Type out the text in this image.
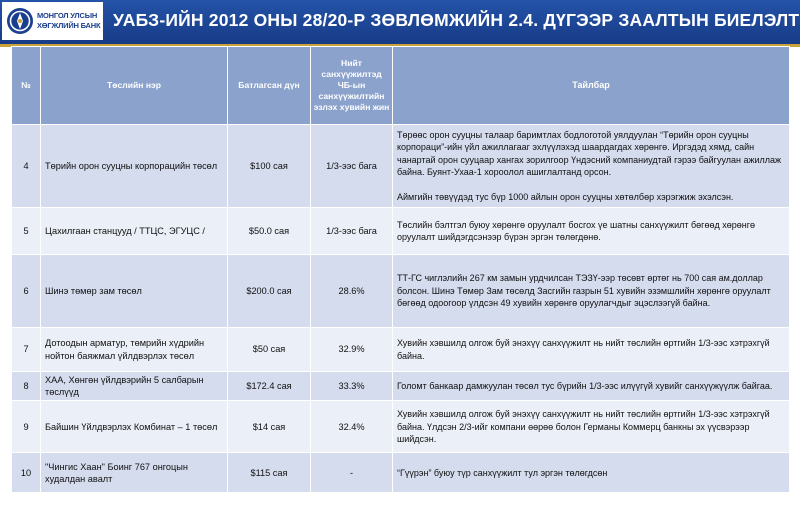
МОНГОЛ УЛСЫН
ХӨГЖЛИЙН БАНК УАБЗ-ИЙН 2012 ОНЫ 28/20-Р ЗӨВЛӨМЖИЙН 2.4. ДҮГЭЭР ЗААЛТЫН БИЕЛЭЛТ
№	Төслийн нэр	Батлагсан дүн	Нийт санхүүжилтэд ЧБ-ын санхүүжилтийн эзлэх хувийн жин	Тайлбар
4	Төрийн орон сууцны корпорацийн төсөл	$100 сая	1/3-ээс бага	Төрөөс орон сууцны талаар баримтлах бодлоготой уялдуулан “Төрийн орон сууцны корпораци”-ийн үйл ажиллагааг эхлүүлэхэд шаардагдах хөрөнгө. Иргэдэд хямд, сайн чанартай орон сууцаар хангах зорилгоор Үндэсний компаниудтай гэрээ байгуулан ажиллаж байна. Буянт-Ухаа-1 хороолол ашиглалтанд орсон.
Аймгийн төвүүдэд тус бүр 1000 айлын орон сууцны хөтөлбөр хэрэгжиж эхэлсэн.

5	Цахилгаан станцууд / ТТЦС, ЭГУЦС /	$50.0 сая	1/3-ээс бага	Төслийн бэлтгэл буюу хөрөнгө оруулалт босгох үе шатны санхүүжилт бөгөөд хөрөнгө оруулалт шийдэгдсэнээр бүрэн эргэн төлөгдөнө.
6	Шинэ төмөр зам төсөл	$200.0 сая	28.6%	ТТ-ГС чиглэлийн 267 км замын урдчилсан ТЭЗҮ-ээр төсөвт өртөг нь 700 сая ам.доллар болсон. Шинэ Төмөр Зам төсөлд Засгийн газрын 51 хувийн эзэмшлийн хөрөнгө оруулалт бөгөөд одоогоор үлдсэн 49 хувийн хөрөнгө оруулагчдыг эцэслээгүй байна.
7	Дотоодын арматур, төмрийн хүдрийн нойтон баяжмал үйлдвэрлэх төсөл	$50 сая	32.9%	Хувийн хэвшилд олгож буй энэхүү санхүүжилт нь нийт төслийн өртгийн 1/3-ээс хэтрэхгүй байна.
8	ХАА, Хөнгөн үйлдвэрийн 5 салбарын төслүүд	$172.4 сая	33.3%	Голомт банкаар дамжуулан төсөл тус бүрийн 1/3-ээс илүүгүй хувийг санхүүжүүлж байгаа.
9	Байшин Үйлдвэрлэх Комбинат – 1 төсөл	$14 сая	32.4%	Хувийн хэвшилд олгож буй энэхүү санхүүжилт нь нийт төслийн өртгийн 1/3-ээс хэтрэхгүй байна. Үлдсэн 2/3-ийг компани өөрөө болон Германы Коммерц банкны эх үүсвэрээр шийдсэн.
10	"Чингис Хаан" Боинг 767 онгоцын худалдан авалт	$115 сая	-	“Гүүрэн” буюу түр санхүүжилт тул эргэн төлөгдсөн
